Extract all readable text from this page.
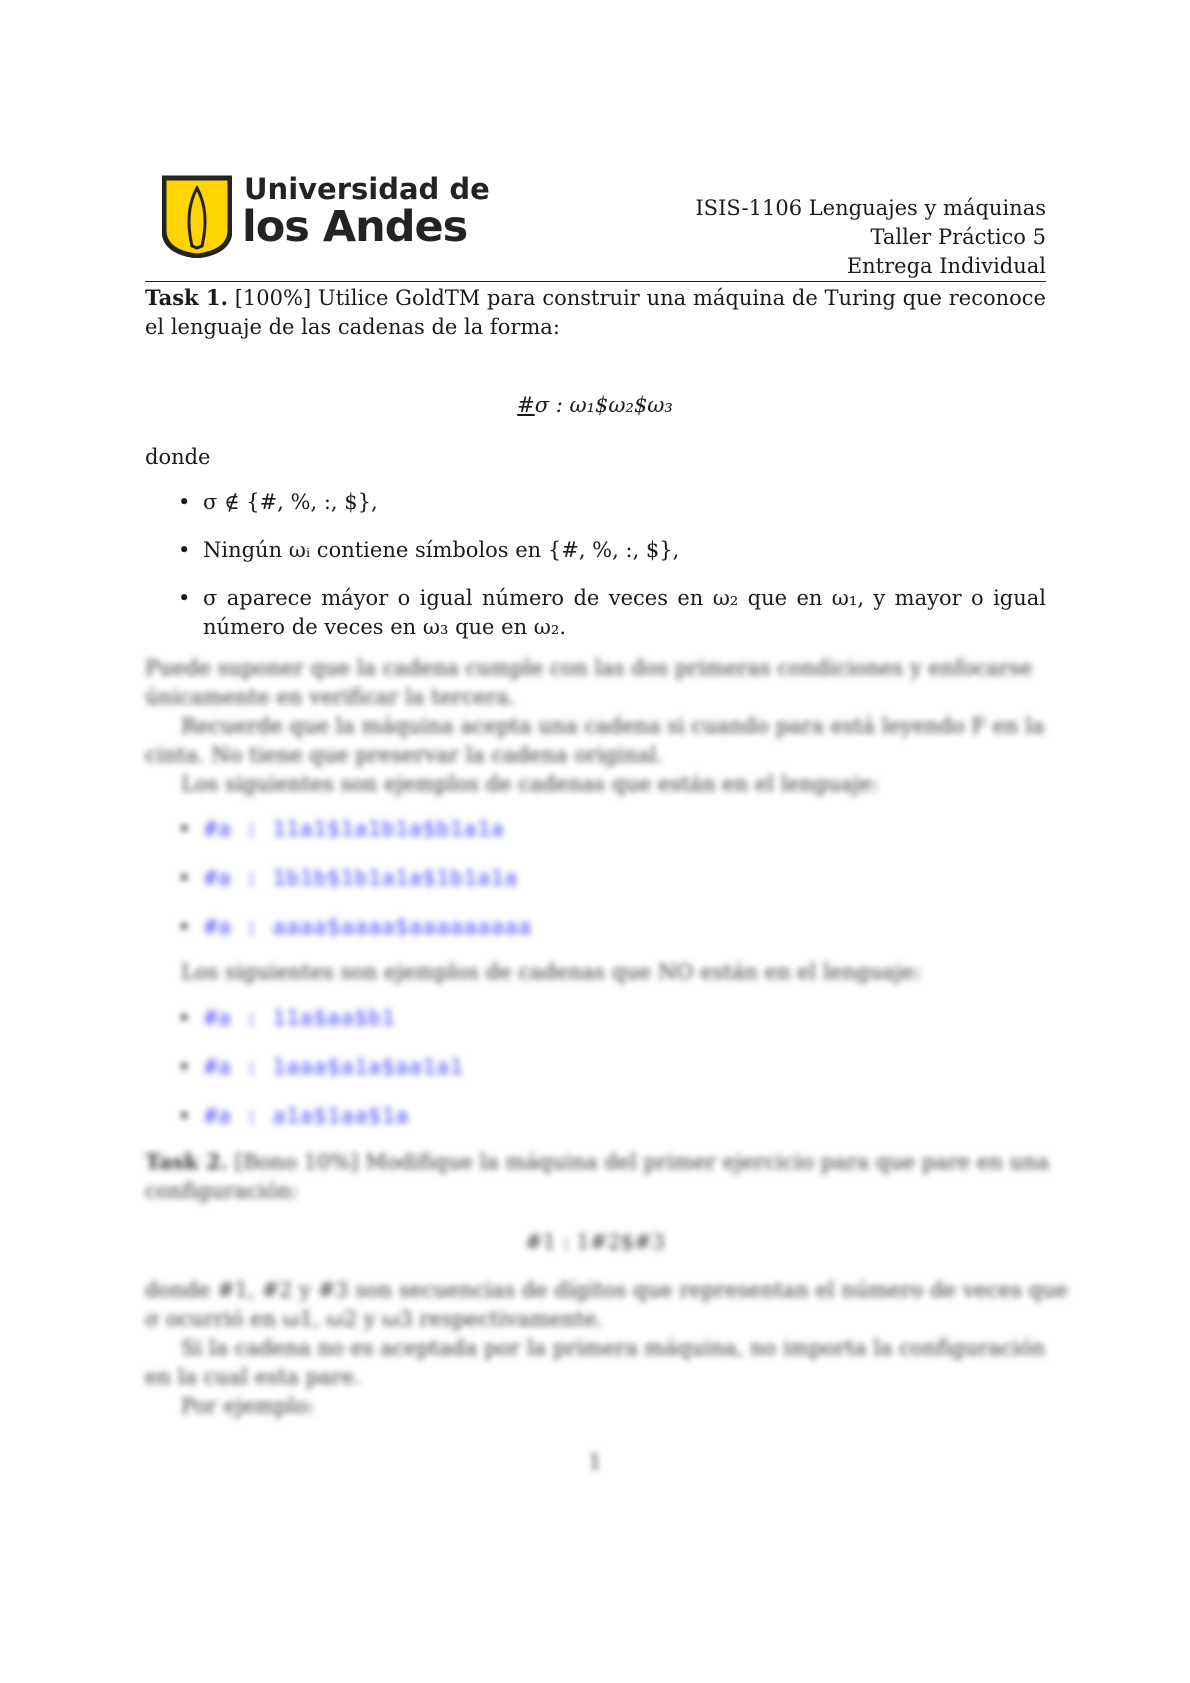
Universidad de
los Andes	ISIS-1106 Lenguajes y máquinas
Taller Práctico 5
Entrega Individual
Task 1. [100%] Utilice GoldTM para construir una máquina de Turing que reconoce el lenguaje de las cadenas de la forma:
#σ : ω₁$ω₂$ω₃
donde
• σ ∉ {#, %, :, $},
• Ningún ωᵢ contiene símbolos en {#, %, :, $},
• σ aparece máyor o igual número de veces en ω₂ que en ω₁, y mayor o igual número de veces en ω₃ que en ω₂.
Puede suponer que la cadena cumple con las dos primeras condiciones y enfocarse únicamente en verificar la tercera.
Recuerde que la máquina acepta una cadena si cuando para está leyendo F en la cinta. No tiene que preservar la cadena original.
Los siguientes son ejemplos de cadenas que están en el lenguaje:
• #a : 11a1$1a1b1a$b1a1a
• #a : 1b1b$1b1a1a$1b1a1a
• #a : aaaa$aaaa$aaaaaaaaa
Los siguientes son ejemplos de cadenas que NO están en el lenguaje:
• #a : 11a$aa$b1
• #a : 1aaa$a1a$aa1a1
• #a : a1a$1aa$1a
Task 2. [Bono 10%] Modifique la máquina del primer ejercicio para que pare en una configuración:
#1 : 1#2$#3
donde #1, #2 y #3 son secuencias de dígitos que representan el número de veces que σ ocurrió en ω1, ω2 y ω3 respectivamente.
Si la cadena no es aceptada por la primera máquina, no importa la configuración en la cual esta pare.
Por ejemplo:
1
